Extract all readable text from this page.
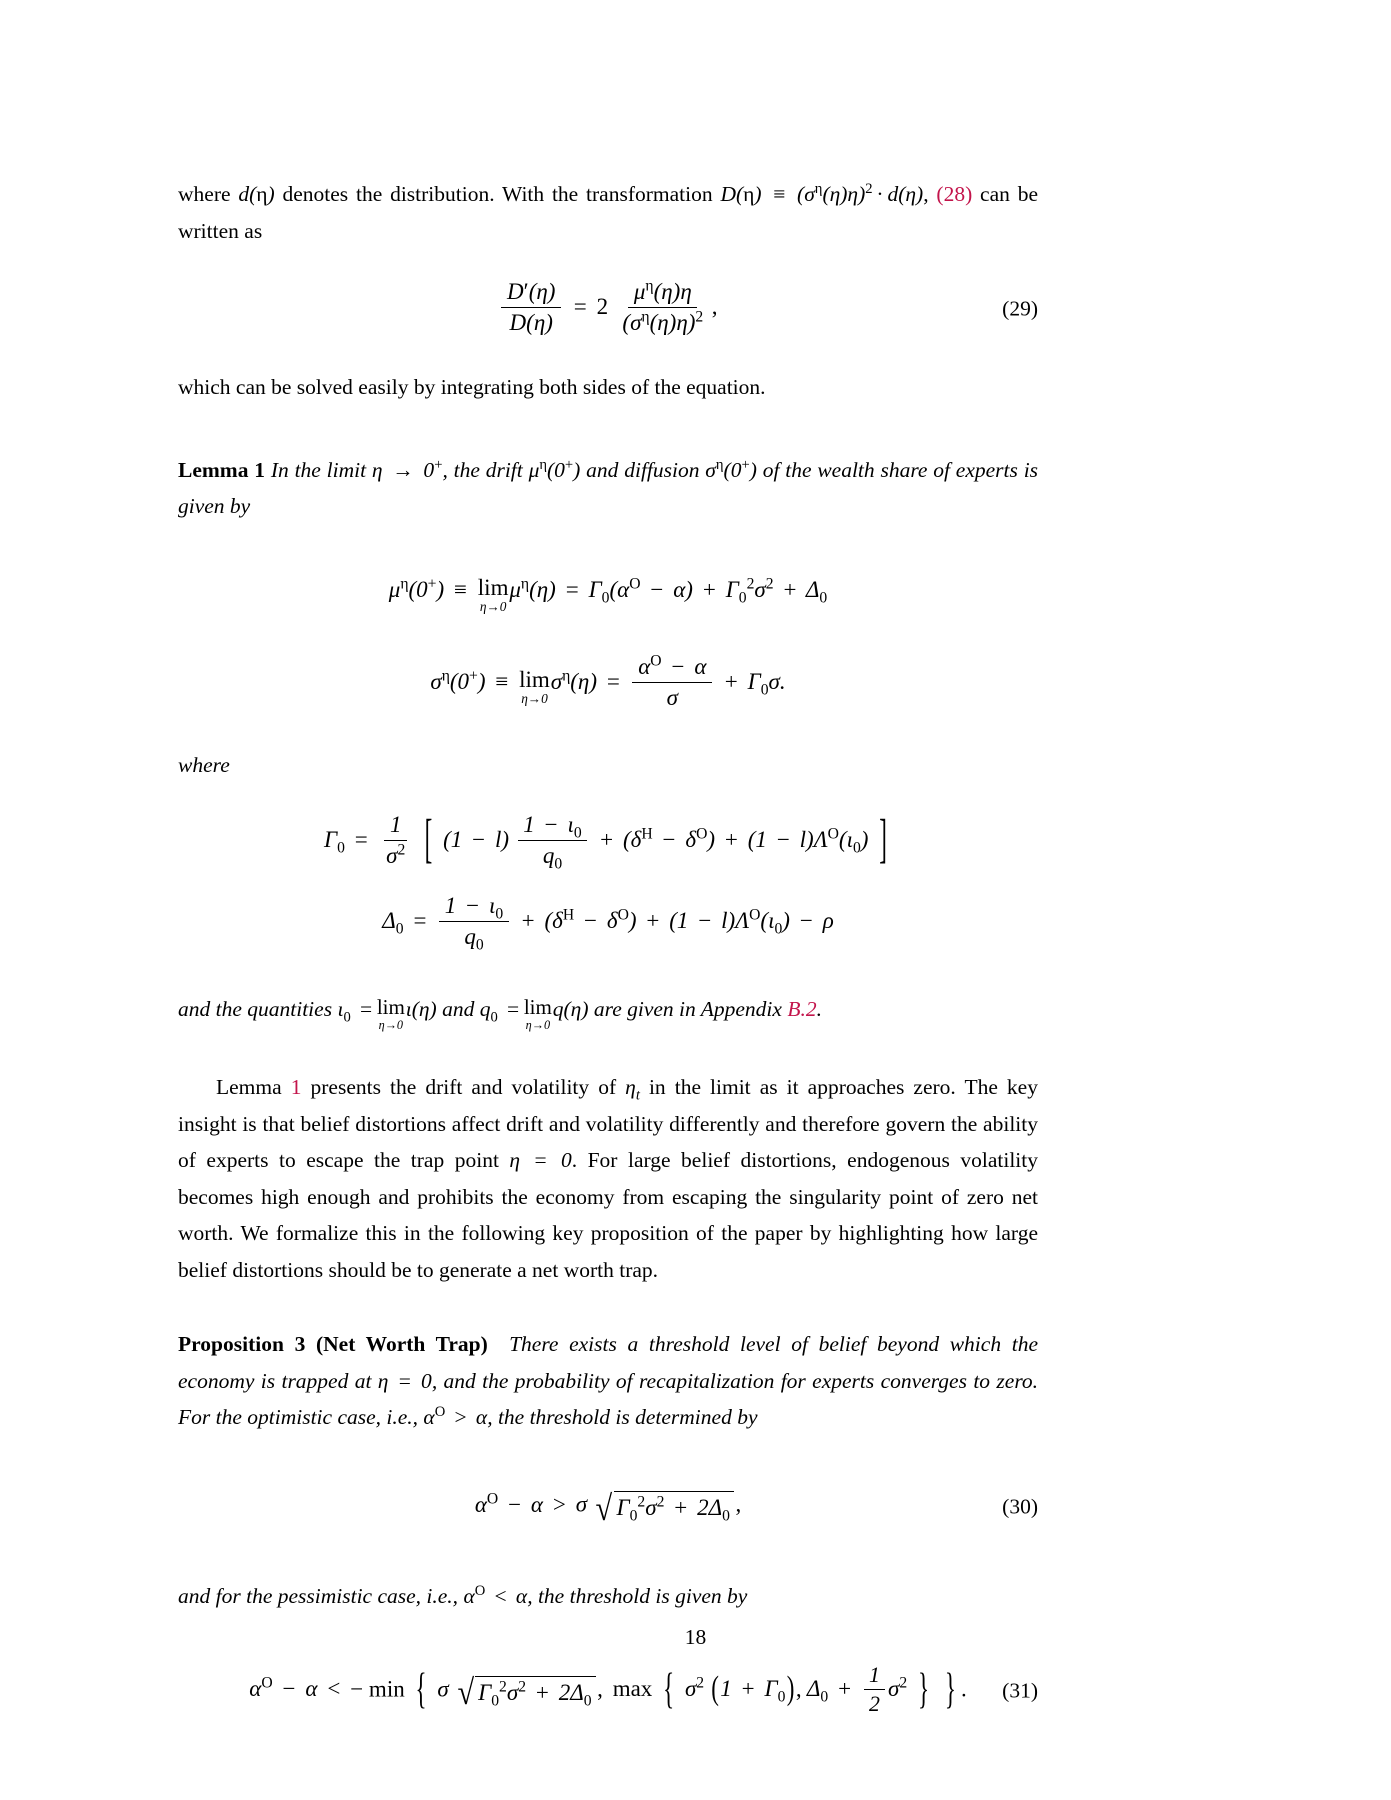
where d(η) denotes the distribution. With the transformation $D(\eta) \equiv (\sigma^\eta(\eta)\eta)^2 \cdot d(\eta)$, (28) can be written as

$\frac{D'(\eta)}{D(\eta)} = 2 \frac{\mu^\eta(\eta)\eta}{(\sigma^\eta(\eta)\eta)^2}$ ,	(29)

which can be solved easily by integrating both sides of the equation.

Lemma 1 In the limit η → 0+, the drift $\mu^\eta(0^+)$ and diffusion $\sigma^\eta(0^+)$ of the wealth share of experts is given by

$\mu^\eta(0^+) \equiv \lim$
η→0
$\mu^\eta(\eta) = \Gamma_0(\alpha^O - \alpha) + \Gamma_0^2\sigma^2 + \Delta_0$
$\sigma^\eta(0^+) \equiv \lim$
η→0
$\sigma^\eta(\eta) = \frac{\alpha^O - \alpha}{\sigma} + \Gamma_0\sigma$.

where

$\Gamma_0 = \frac{1}{\sigma^2}$ [ $(1 - l) \frac{1 - \iota_0}{q_0} + (\delta^H - \delta^O) + (1 - l)\Lambda^O(\iota_0)$ ]
$\Delta_0 = \frac{1 - \iota_0}{q_0} + (\delta^H - \delta^O) + (1 - l)\Lambda^O(\iota_0) - \rho$

and the quantities $\iota_0 = \lim$
η→0
ι(η) and $q_0 = \lim$
η→0
q(η) are given in Appendix B.2.

Lemma 1 presents the drift and volatility of $\eta_t$ in the limit as it approaches zero. The key insight is that belief distortions affect drift and volatility differently and therefore govern the ability of experts to escape the trap point η = 0. For large belief distortions, endogenous volatility becomes high enough and prohibits the economy from escaping the singularity point of zero net worth. We formalize this in the following key proposition of the paper by highlighting how large belief distortions should be to generate a net worth trap.

Proposition 3 (Net Worth Trap) There exists a threshold level of belief beyond which the economy is trapped at η = 0, and the probability of recapitalization for experts converges to zero. For the optimistic case, i.e., $\alpha^O > \alpha$, the threshold is determined by

$\alpha^O - \alpha > \sigma$ √ $\Gamma_0^2\sigma^2 + 2\Delta_0$ ,	(30)

and for the pessimistic case, i.e., $\alpha^O < \alpha$, the threshold is given by

$\alpha^O - \alpha$ < − min { σ √ $\Gamma_0^2\sigma^2 + 2\Delta_0$ , max { $\sigma^2$ $(1 + \Gamma_0)$, $\Delta_0 + \frac{1}{2} \sigma^2$ } } . (31)
18
